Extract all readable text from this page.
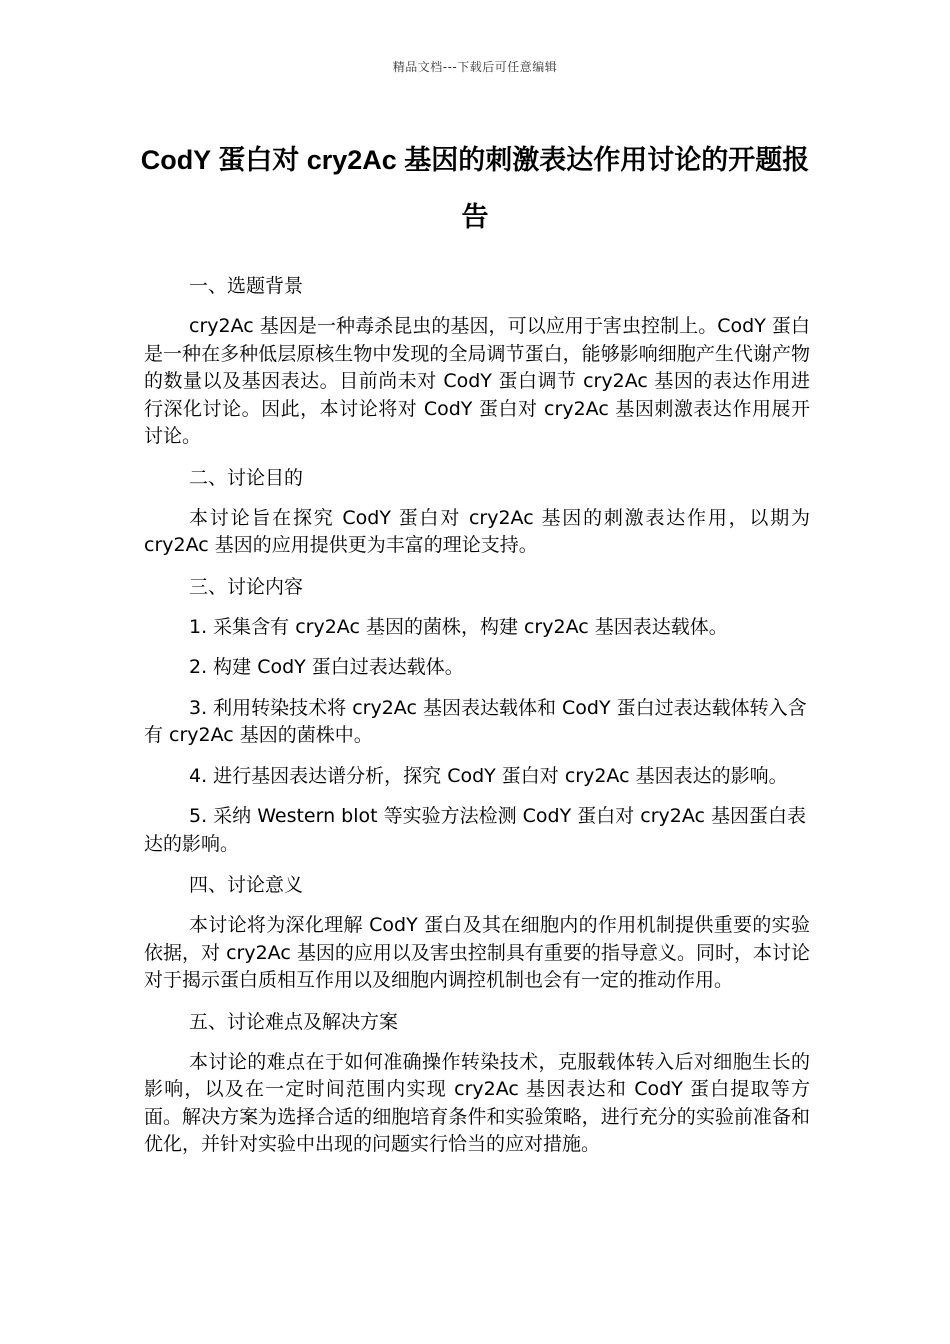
精品文档---下载后可任意编辑
CodY 蛋白对 cry2Ac 基因的刺激表达作用讨论的开题报告

一、选题背景

cry2Ac 基因是一种毒杀昆虫的基因，可以应用于害虫控制上。CodY 蛋白是一种在多种低层原核生物中发现的全局调节蛋白，能够影响细胞产生代谢产物的数量以及基因表达。目前尚未对 CodY 蛋白调节 cry2Ac 基因的表达作用进行深化讨论。因此，本讨论将对 CodY 蛋白对 cry2Ac 基因刺激表达作用展开讨论。

二、讨论目的

本讨论旨在探究 CodY 蛋白对 cry2Ac 基因的刺激表达作用，以期为 cry2Ac 基因的应用提供更为丰富的理论支持。

三、讨论内容

1. 采集含有 cry2Ac 基因的菌株，构建 cry2Ac 基因表达载体。

2. 构建 CodY 蛋白过表达载体。

3. 利用转染技术将 cry2Ac 基因表达载体和 CodY 蛋白过表达载体转入含有 cry2Ac 基因的菌株中。

4. 进行基因表达谱分析，探究 CodY 蛋白对 cry2Ac 基因表达的影响。

5. 采纳 Western blot 等实验方法检测 CodY 蛋白对 cry2Ac 基因蛋白表达的影响。

四、讨论意义

本讨论将为深化理解 CodY 蛋白及其在细胞内的作用机制提供重要的实验依据，对 cry2Ac 基因的应用以及害虫控制具有重要的指导意义。同时，本讨论对于揭示蛋白质相互作用以及细胞内调控机制也会有一定的推动作用。

五、讨论难点及解决方案

本讨论的难点在于如何准确操作转染技术，克服载体转入后对细胞生长的影响，以及在一定时间范围内实现 cry2Ac 基因表达和 CodY 蛋白提取等方面。解决方案为选择合适的细胞培育条件和实验策略，进行充分的实验前准备和优化，并针对实验中出现的问题实行恰当的应对措施。
